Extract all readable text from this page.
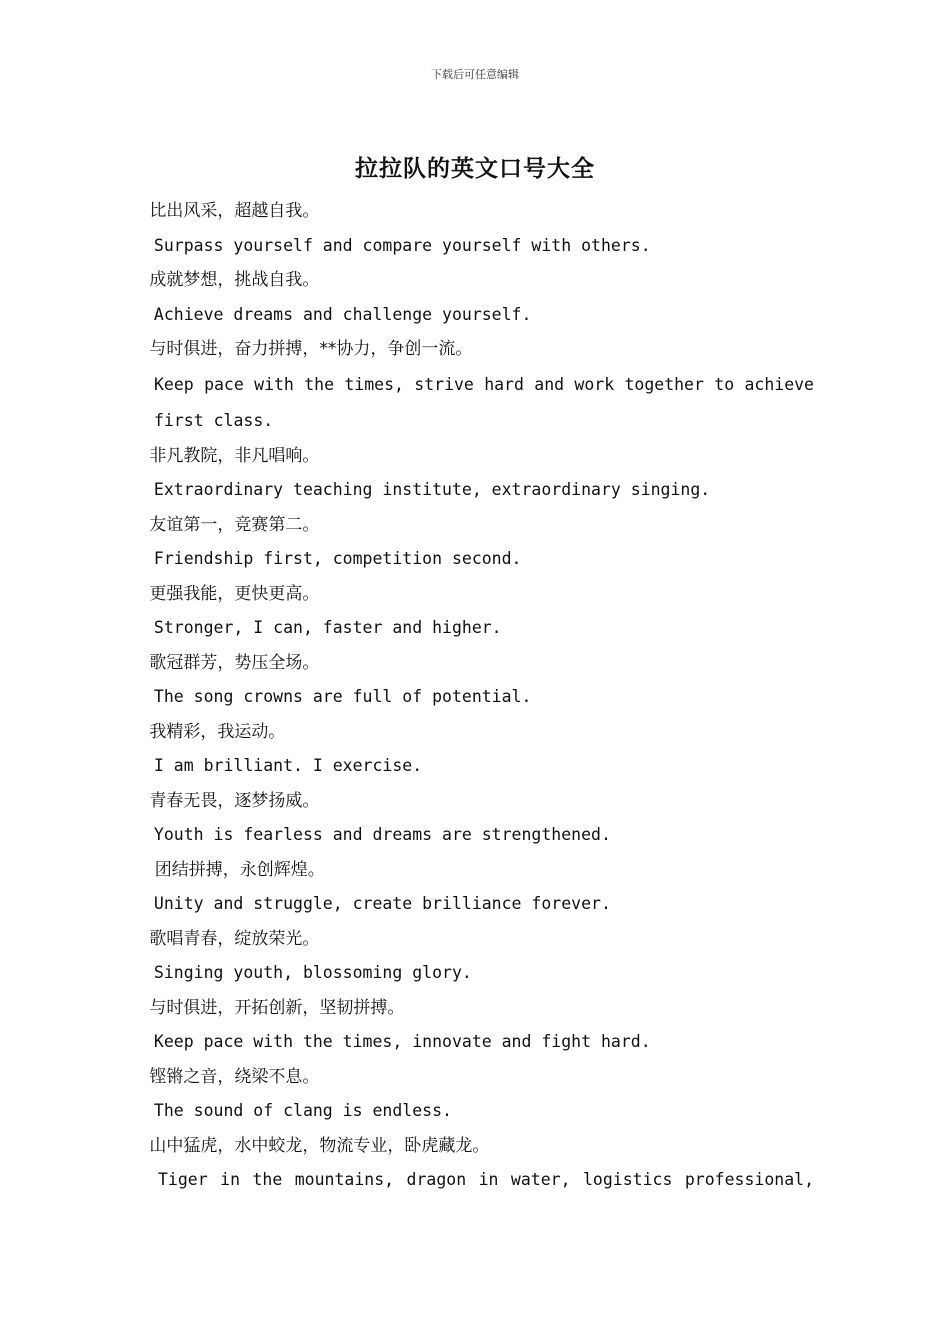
下载后可任意编辑
拉拉队的英文口号大全
比出风采，超越自我。
Surpass yourself and compare yourself with others.
成就梦想，挑战自我。
Achieve dreams and challenge yourself.
与时俱进，奋力拼搏，**协力，争创一流。
Keep pace with the times, strive hard and work together to achieve first class.
非凡教院，非凡唱响。
Extraordinary teaching institute, extraordinary singing.
友谊第一，竞赛第二。
Friendship first, competition second.
更强我能，更快更高。
Stronger, I can, faster and higher.
歌冠群芳，势压全场。
The song crowns are full of potential.
我精彩，我运动。
I am brilliant. I exercise.
青春无畏，逐梦扬威。
Youth is fearless and dreams are strengthened.
团结拼搏，永创辉煌。
Unity and struggle, create brilliance forever.
歌唱青春，绽放荣光。
Singing youth, blossoming glory.
与时俱进，开拓创新，坚韧拼搏。
Keep pace with the times, innovate and fight hard.
铿锵之音，绕梁不息。
The sound of clang is endless.
山中猛虎，水中蛟龙，物流专业，卧虎藏龙。
Tiger in the mountains, dragon in water, logistics professional,
